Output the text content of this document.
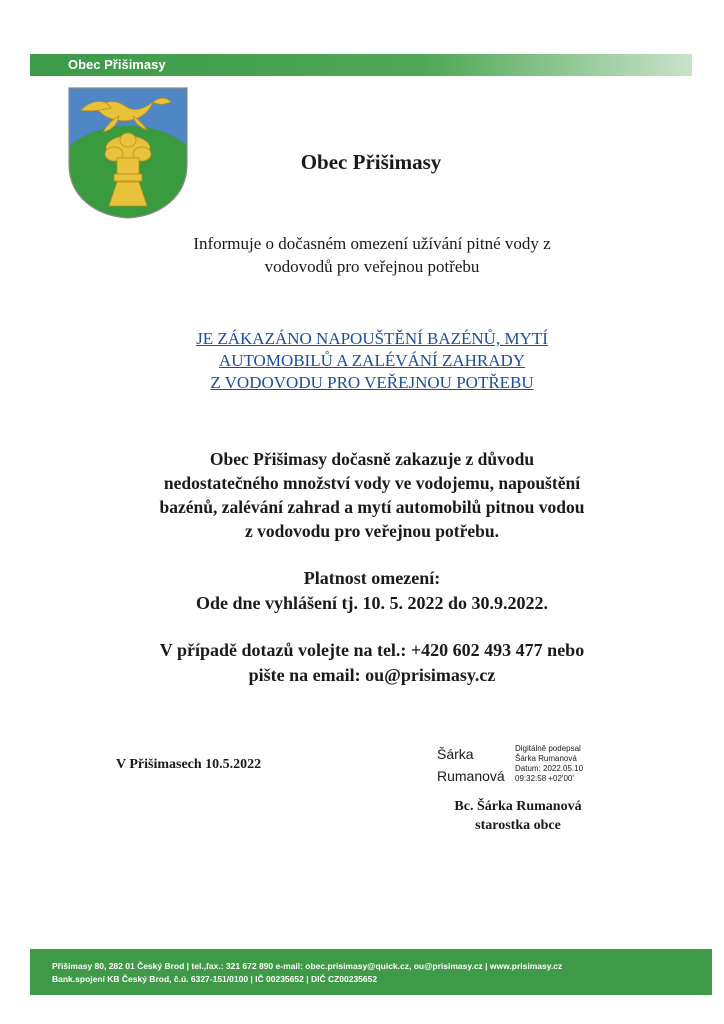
Obec Přišimasy
Obec Přišimasy
Informuje o dočasném omezení užívání pitné vody z
vodovodů pro veřejnou potřebu
JE ZÁKAZÁNO NAPOUŠTĚNÍ BAZÉNŮ, MYTÍ
AUTOMOBILŮ A ZALÉVÁNÍ ZAHRADY
Z VODOVODU PRO VEŘEJNOU POTŘEBU
Obec Přišimasy dočasně zakazuje z důvodu
nedostatečného množství vody ve vodojemu, napouštění
bazénů, zalévání zahrad a mytí automobilů pitnou vodou
z vodovodu pro veřejnou potřebu.
Platnost omezení:
Ode dne vyhlášení tj. 10. 5. 2022 do 30.9.2022.
V případě dotazů volejte na tel.: +420 602 493 477 nebo
pište na email: ou@prisimasy.cz
V Přišimasech 10.5.2022
Šárka
Rumanová
Digitálně podepsal
Šárka Rumanová
Datum: 2022.05.10
09:32:58 +02'00'
Bc. Šárka Rumanová
starostka obce
Přišimasy 80, 282 01 Český Brod | tel.,fax.: 321 672 890 e-mail: obec.prisimasy@quick.cz, ou@prisimasy.cz | www.prisimasy.cz
Bank.spojení KB Český Brod, č.ú. 6327-151/0100 | IČ 00235652 | DIČ CZ00235652
